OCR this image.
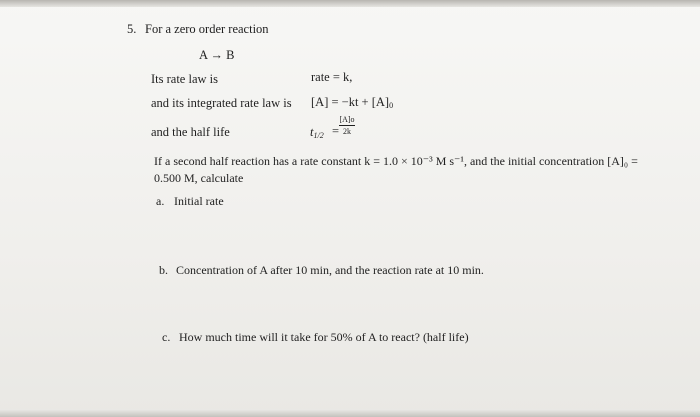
5. For a zero order reaction
A → B
Its rate law is	rate = k,
and its integrated rate law is $[A] = -kt + [A]_0$
and the half life	$t_{1/2}$ =
[A]o
2k
If a second half reaction has a rate constant k = 1.0 × 10⁻³ M s⁻¹, and the initial concentration [A]₀ =
0.500 M, calculate
a. Initial rate
b. Concentration of A after 10 min, and the reaction rate at 10 min.
c. How much time will it take for 50% of A to react? (half life)
